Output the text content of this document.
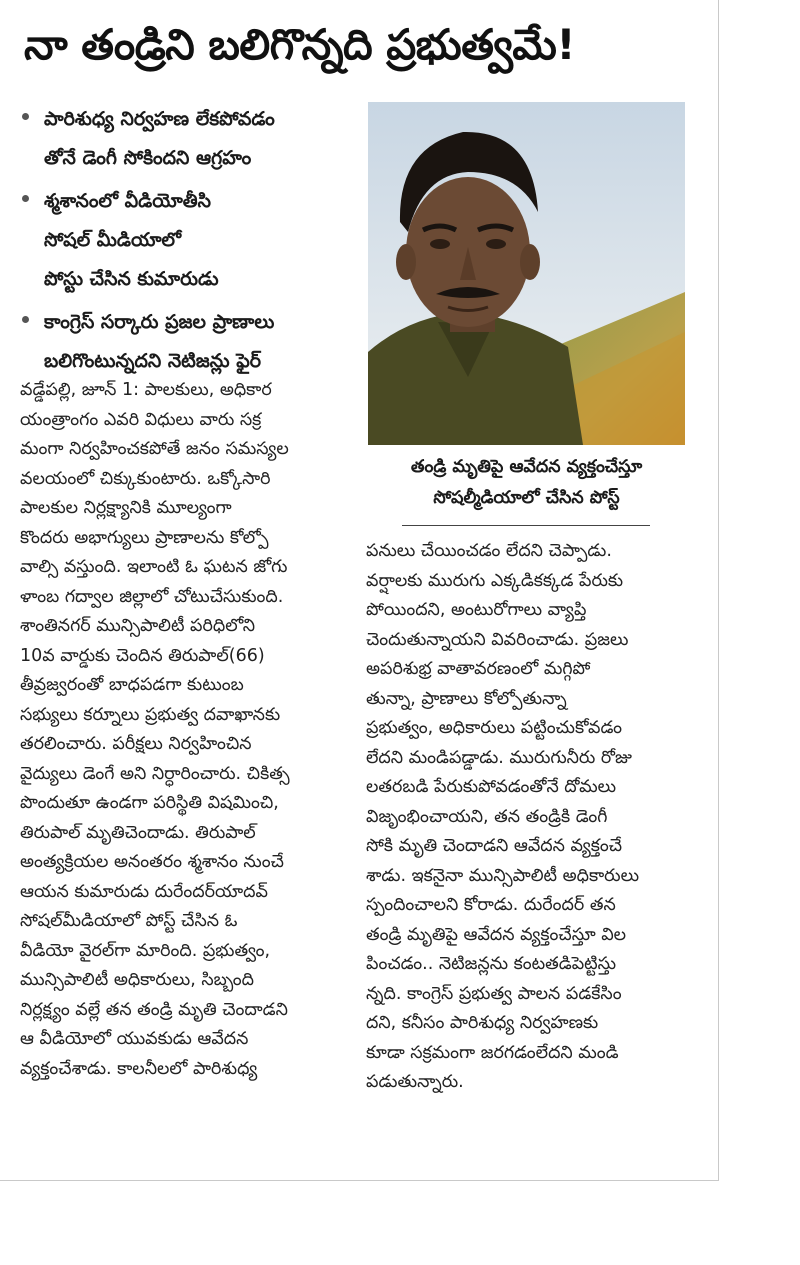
నా తండ్రిని బలిగొన్నది ప్రభుత్వమే!
పారిశుధ్య నిర్వహణ లేకపోవడం
తోనే డెంగీ సోకిందని ఆగ్రహం
శ్మశానంలో వీడియోతీసి
సోషల్ మీడియాలో
పోస్టు చేసిన కుమారుడు
కాంగ్రెస్ సర్కారు ప్రజల ప్రాణాలు
బలిగొంటున్నదని నెటిజన్లు ఫైర్
తండ్రి మృతిపై ఆవేదన వ్యక్తంచేస్తూ
సోషల్మీడియాలో చేసిన పోస్ట్
వడ్డేపల్లి, జూన్ 1: పాలకులు, అధికార
యంత్రాంగం ఎవరి విధులు వారు సక్ర
మంగా నిర్వహించకపోతే జనం సమస్యల
వలయంలో చిక్కుకుంటారు. ఒక్కోసారి
పాలకుల నిర్లక్ష్యానికి మూల్యంగా
కొందరు అభాగ్యులు ప్రాణాలను కోల్పో
వాల్సి వస్తుంది. ఇలాంటి ఓ ఘటన జోగు
ళాంబ గద్వాల జిల్లాలో చోటుచేసుకుంది.
శాంతినగర్ మున్సిపాలిటీ పరిధిలోని
10వ వార్డుకు చెందిన తిరుపాల్(66)
తీవ్రజ్వరంతో బాధపడగా కుటుంబ
సభ్యులు కర్నూలు ప్రభుత్వ దవాఖానకు
తరలించారు. పరీక్షలు నిర్వహించిన
వైద్యులు డెంగే అని నిర్ధారించారు. చికిత్స
పొందుతూ ఉండగా పరిస్థితి విషమించి,
తిరుపాల్ మృతిచెందాడు. తిరుపాల్
అంత్యక్రియల అనంతరం శ్మశానం నుంచే
ఆయన కుమారుడు దురేందర్‌యాదవ్
సోషల్‌మీడియాలో పోస్ట్ చేసిన ఓ
వీడియో వైరల్‌గా మారింది. ప్రభుత్వం,
మున్సిపాలిటీ అధికారులు, సిబ్బంది
నిర్లక్ష్యం వల్లే తన తండ్రి మృతి చెందాడని
ఆ వీడియోలో యువకుడు ఆవేదన
వ్యక్తంచేశాడు. కాలనీలలో పారిశుధ్య
పనులు చేయించడం లేదని చెప్పాడు.
వర్షాలకు మురుగు ఎక్కడికక్కడ పేరుకు
పోయిందని, అంటురోగాలు వ్యాప్తి
చెందుతున్నాయని వివరించాడు. ప్రజలు
అపరిశుభ్ర వాతావరణంలో మగ్గిపో
తున్నా, ప్రాణాలు కోల్పోతున్నా
ప్రభుత్వం, అధికారులు పట్టించుకోవడం
లేదని మండిపడ్డాడు. మురుగునీరు రోజు
లతరబడి పేరుకుపోవడంతోనే దోమలు
విజృంభించాయని, తన తండ్రికి డెంగీ
సోకి మృతి చెందాడని ఆవేదన వ్యక్తంచే
శాడు. ఇకనైనా మున్సిపాలిటీ అధికారులు
స్పందించాలని కోరాడు. దురేందర్ తన
తండ్రి మృతిపై ఆవేదన వ్యక్తంచేస్తూ విల
పించడం.. నెటిజన్లను కంటతడిపెట్టిస్తు
న్నది. కాంగ్రెస్ ప్రభుత్వ పాలన పడకేసిం
దని, కనీసం పారిశుధ్య నిర్వహణకు
కూడా సక్రమంగా జరగడంలేదని మండి
పడుతున్నారు.
